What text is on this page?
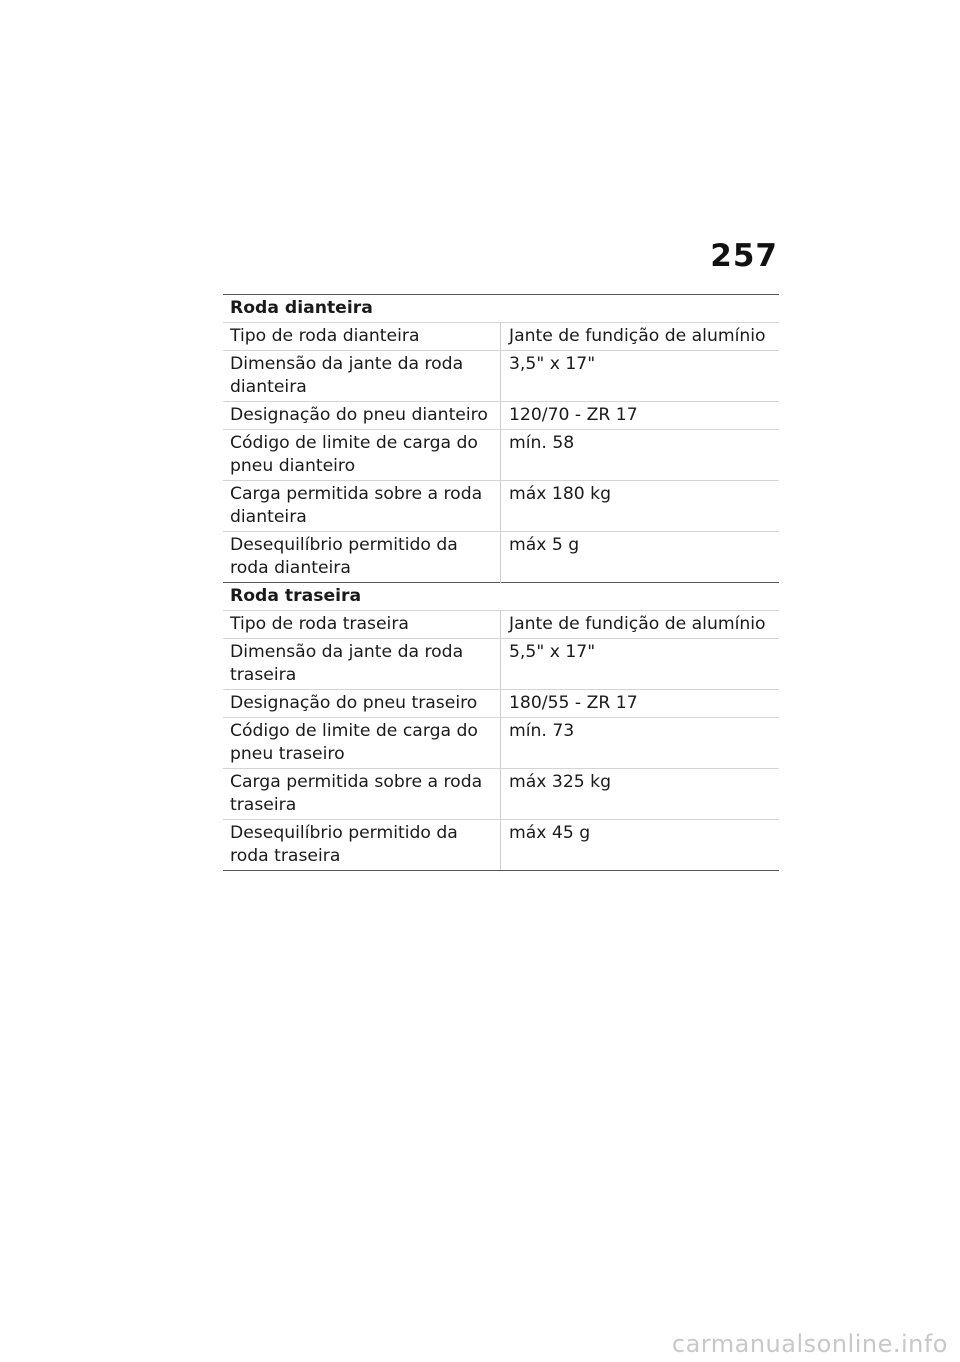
257
Roda dianteira	
Tipo de roda dianteira	Jante de fundição de alumínio
Dimensão da jante da roda dianteira	3,5" x 17"
Designação do pneu dianteiro	120/70 - ZR 17
Código de limite de carga do pneu dianteiro	mín. 58
Carga permitida sobre a roda dianteira	máx 180 kg
Desequilíbrio permitido da roda dianteira	máx 5 g
Roda traseira	
Tipo de roda traseira	Jante de fundição de alumínio
Dimensão da jante da roda traseira	5,5" x 17"
Designação do pneu traseiro	180/55 - ZR 17
Código de limite de carga do pneu traseiro	mín. 73
Carga permitida sobre a roda traseira	máx 325 kg
Desequilíbrio permitido da roda traseira	máx 45 g
carmanualsonline.info
